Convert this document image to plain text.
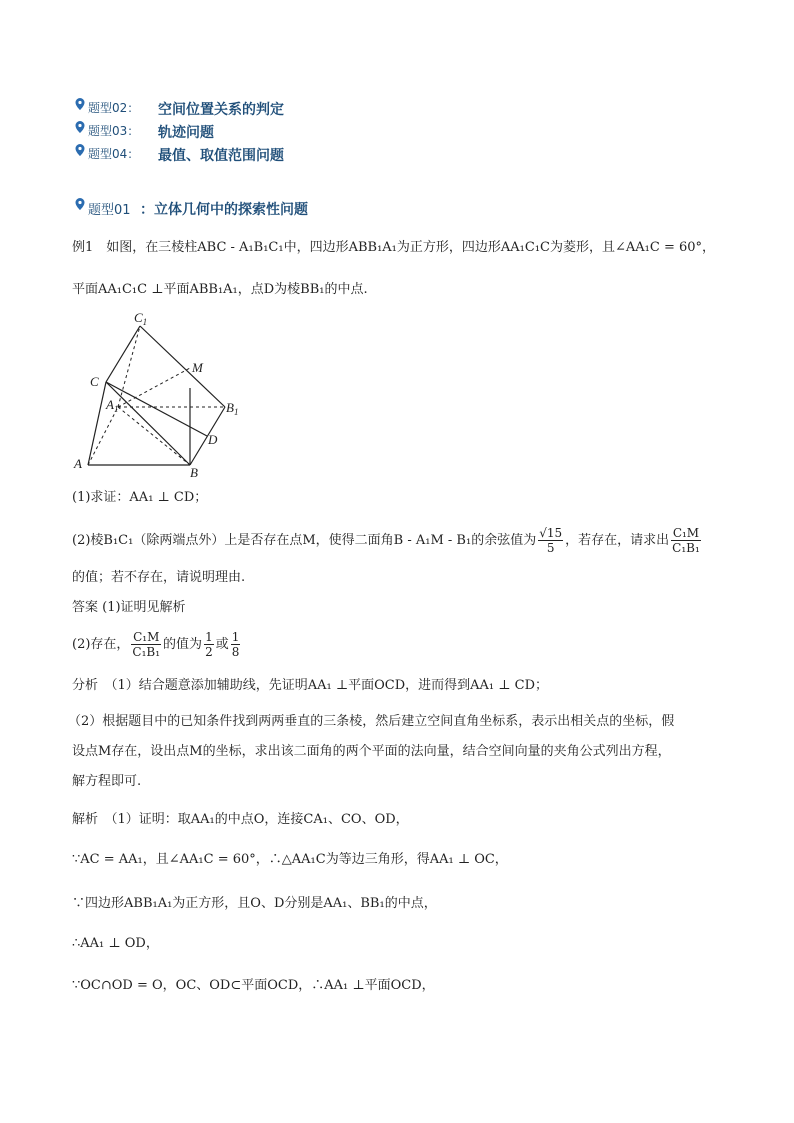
题型02： 空间位置关系的判定
题型03： 轨迹问题
题型04： 最值、取值范围问题
题型01 ：立体几何中的探索性问题
例1　如图，在三棱柱ABC - A₁B₁C₁中，四边形ABB₁A₁为正方形，四边形AA₁C₁C为菱形，且∠AA₁C = 60°，
平面AA₁C₁C ⊥平面ABB₁A₁，点D为棱BB₁的中点.
$C_1$
M
C
$A_1$	$B_1$
D
A
B
(1)求证：AA₁ ⊥ CD；
(2)棱B₁C₁（除两端点外）上是否存在点M，使得二面角B - A₁M - B₁的余弦值为 $\frac{√15}{5}$ ，若存在，请求出 $\frac{\text{C₁M}}{\text{C₁B₁}}$
的值；若不存在，请说明理由.
答案 (1)证明见解析
(2)存在， $\frac{\text{C₁M}}{\text{C₁B₁}}$ 的值为 $\frac{1}{2}$ 或 $\frac{1}{8}$
分析　（1）结合题意添加辅助线，先证明AA₁ ⊥平面OCD，进而得到AA₁ ⊥ CD；
（2）根据题目中的已知条件找到两两垂直的三条棱，然后建立空间直角坐标系，表示出相关点的坐标，假
设点M存在，设出点M的坐标，求出该二面角的两个平面的法向量，结合空间向量的夹角公式列出方程，
解方程即可.
解析　（1）证明：取AA₁的中点O，连接CA₁、CO、OD，
∵AC = AA₁，且∠AA₁C = 60°，∴△AA₁C为等边三角形，得AA₁ ⊥ OC，
∵四边形ABB₁A₁为正方形，且O、D分别是AA₁、BB₁的中点，
∴AA₁ ⊥ OD，
∵OC∩OD = O，OC、OD⊂平面OCD，∴AA₁ ⊥平面OCD，
